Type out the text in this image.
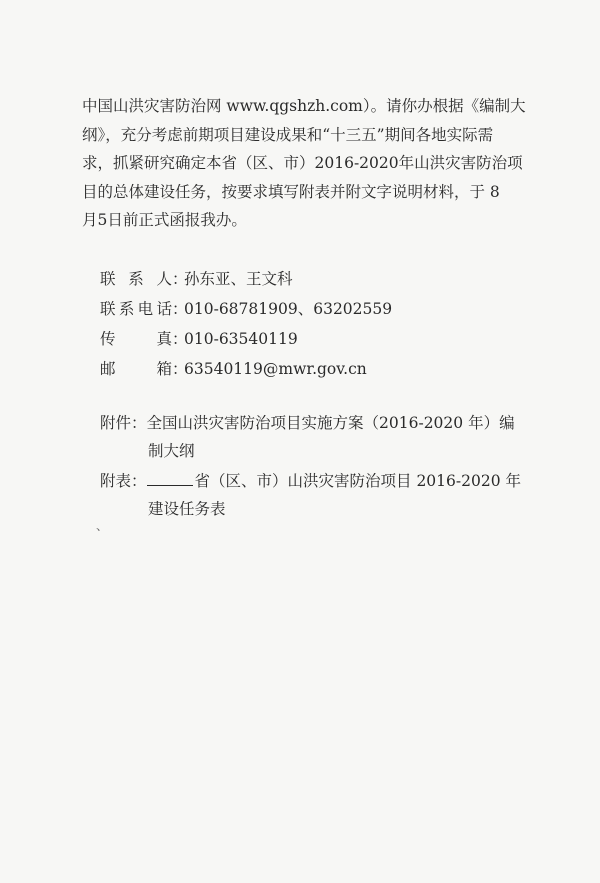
中国山洪灾害防治网 www.qgshzh.com）。请你办根据《编制大
纲》，充分考虑前期项目建设成果和“十三五”期间各地实际需
求，抓紧研究确定本省（区、市）2016-2020年山洪灾害防治项
目的总体建设任务，按要求填写附表并附文字说明材料，于 8
月5日前正式函报我办。
联系人：孙东亚、王文科
联系电话：010-68781909、63202559
传真：010-63540119
邮箱：63540119@mwr.gov.cn
附件：全国山洪灾害防治项目实施方案（2016-2020 年）编
制大纲
附表：	省（区、市）山洪灾害防治项目 2016-2020 年
建设任务表
、
